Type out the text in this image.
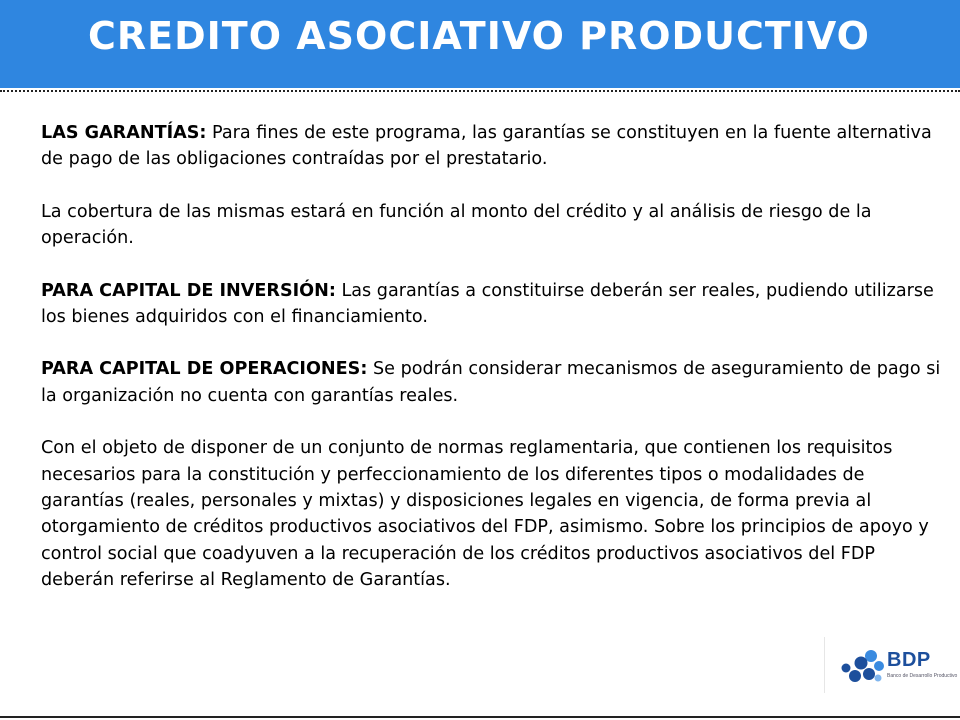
CREDITO ASOCIATIVO PRODUCTIVO

LAS GARANTÍAS: Para fines de este programa, las garantías se constituyen en la fuente alternativa de pago de las obligaciones contraídas por el prestatario.

La cobertura de las mismas estará en función al monto del crédito y al análisis de riesgo de la operación.

PARA CAPITAL DE INVERSIÓN: Las garantías a constituirse deberán ser reales, pudiendo utilizarse los bienes adquiridos con el financiamiento.

PARA CAPITAL DE OPERACIONES: Se podrán considerar mecanismos de aseguramiento de pago si la organización no cuenta con garantías reales.

Con el objeto de disponer de un conjunto de normas reglamentaria, que contienen los requisitos necesarios para la constitución y perfeccionamiento de los diferentes tipos o modalidades de garantías (reales, personales y mixtas) y disposiciones legales en vigencia, de forma previa al otorgamiento de créditos productivos asociativos del FDP, asimismo. Sobre los principios de apoyo y control social que coadyuven a la recuperación de los créditos productivos asociativos del FDP deberán referirse al Reglamento de Garantías.

BDP
Banco de Desarrollo Productivo
